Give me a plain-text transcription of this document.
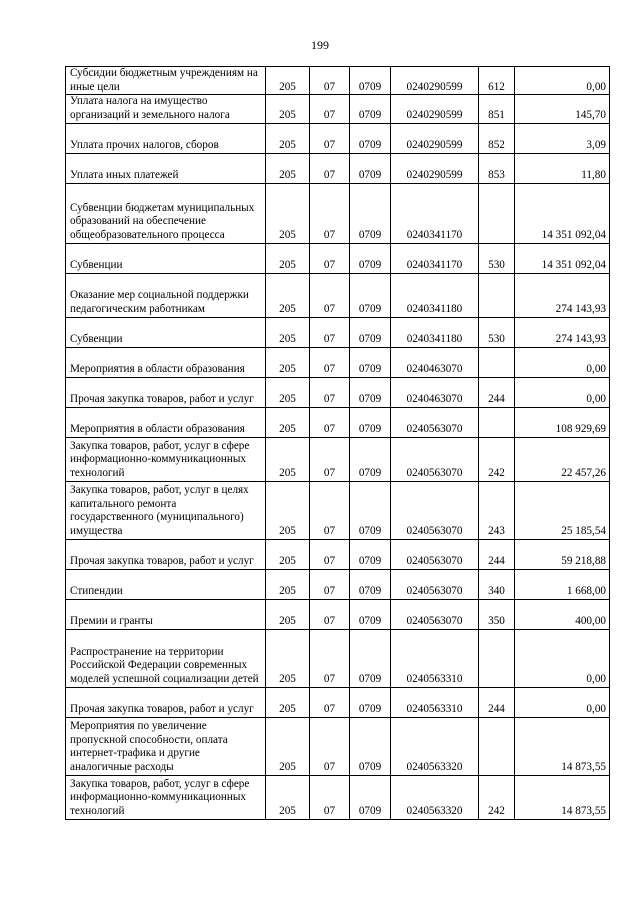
199
Субсидии бюджетным учреждениям на иные цели	205	07	0709	0240290599	612	0,00
Уплата налога на имущество организаций и земельного налога	205	07	0709	0240290599	851	145,70
Уплата прочих налогов, сборов	205	07	0709	0240290599	852	3,09
Уплата иных платежей	205	07	0709	0240290599	853	11,80
Субвенции бюджетам муниципальных образований на обеспечение общеобразовательного процесса	205	07	0709	0240341170		14 351 092,04
Субвенции	205	07	0709	0240341170	530	14 351 092,04
Оказание мер социальной поддержки педагогическим работникам	205	07	0709	0240341180		274 143,93
Субвенции	205	07	0709	0240341180	530	274 143,93
Мероприятия в области образования	205	07	0709	0240463070		0,00
Прочая закупка товаров, работ и услуг	205	07	0709	0240463070	244	0,00
Мероприятия в области образования	205	07	0709	0240563070		108 929,69
Закупка товаров, работ, услуг в сфере информационно-коммуникационных технологий	205	07	0709	0240563070	242	22 457,26
Закупка товаров, работ, услуг в целях капитального ремонта государственного (муниципального) имущества	205	07	0709	0240563070	243	25 185,54
Прочая закупка товаров, работ и услуг	205	07	0709	0240563070	244	59 218,88
Стипендии	205	07	0709	0240563070	340	1 668,00
Премии и гранты	205	07	0709	0240563070	350	400,00
Распространение на территории Российской Федерации современных моделей успешной социализации детей	205	07	0709	0240563310		0,00
Прочая закупка товаров, работ и услуг	205	07	0709	0240563310	244	0,00
Мероприятия по увеличение пропускной способности, оплата интернет-трафика и другие аналогичные расходы	205	07	0709	0240563320		14 873,55
Закупка товаров, работ, услуг в сфере информационно-коммуникационных технологий	205	07	0709	0240563320	242	14 873,55
